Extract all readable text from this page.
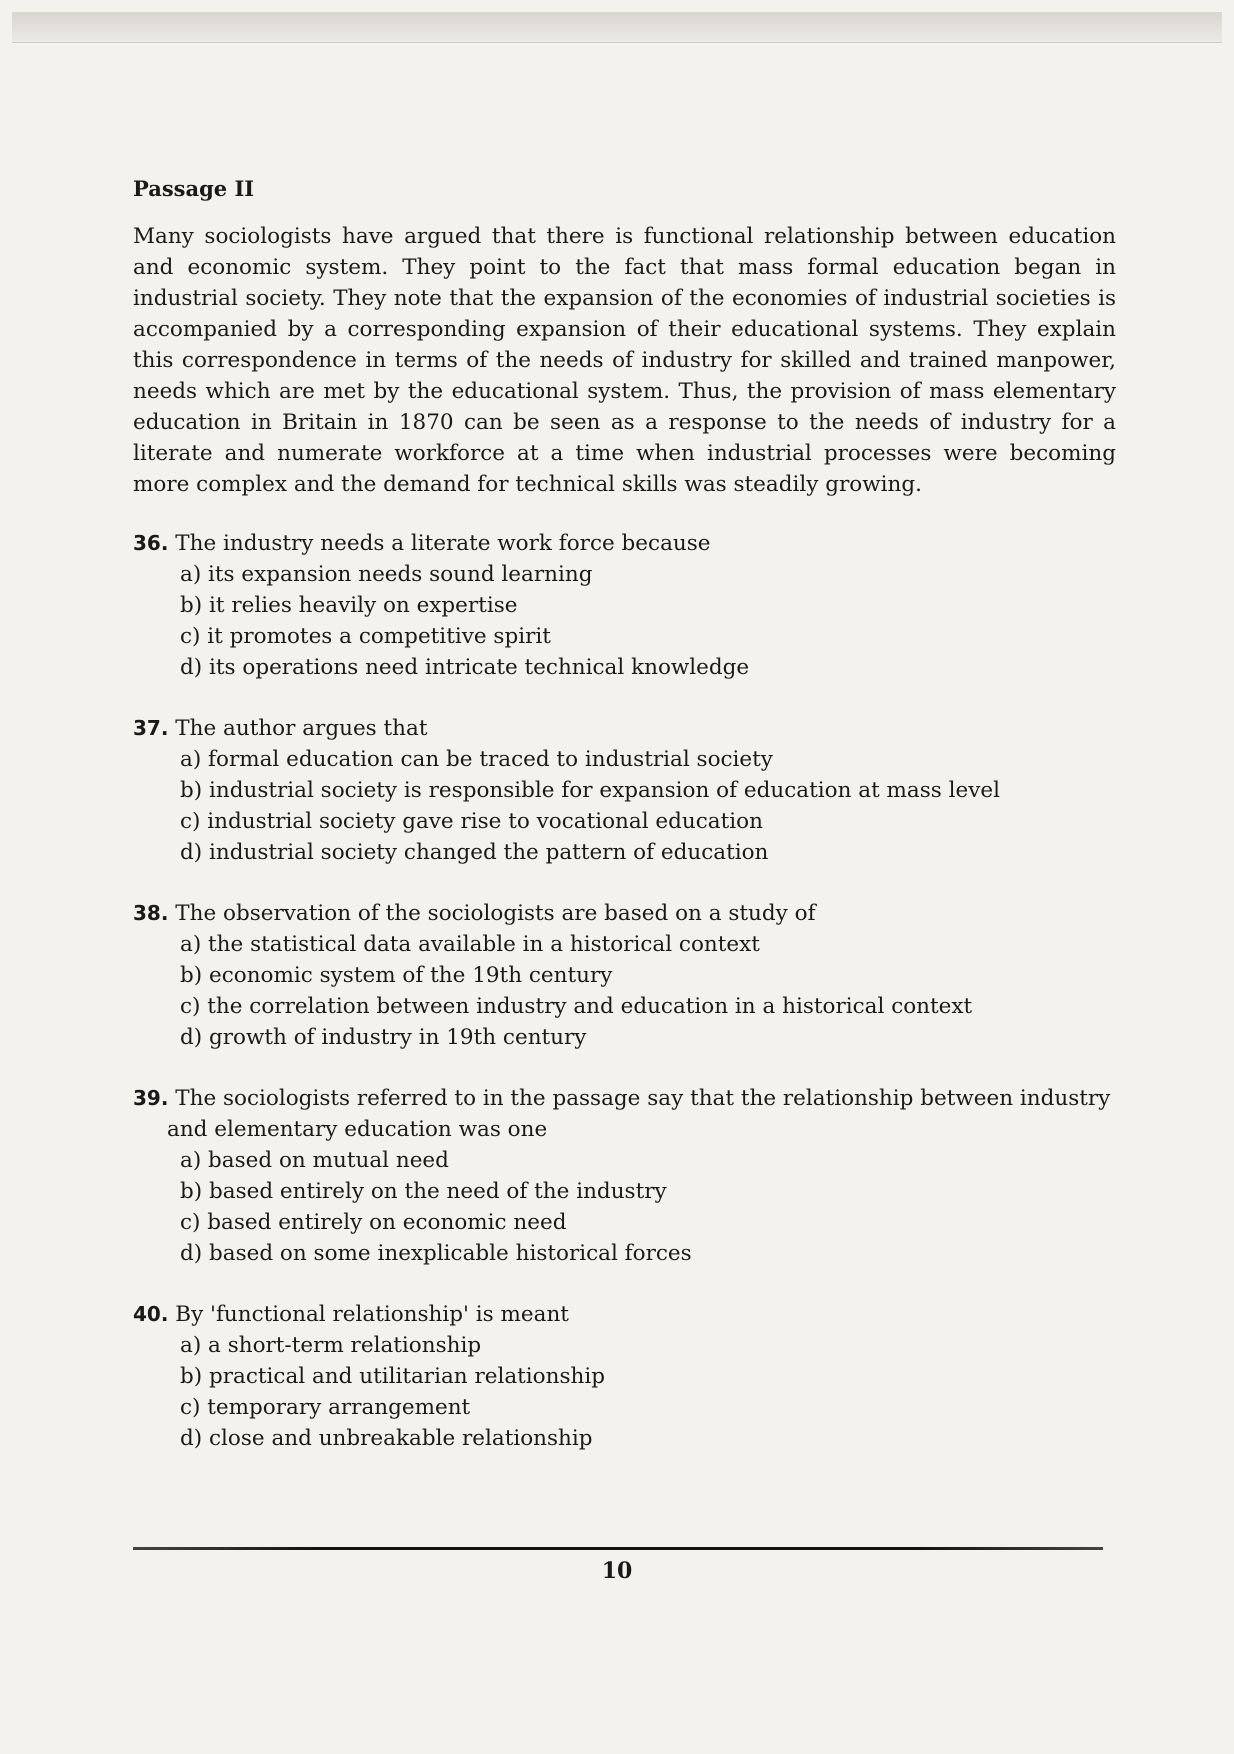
Passage II

Many sociologists have argued that there is functional relationship between education and economic system. They point to the fact that mass formal education began in industrial society. They note that the expansion of the economies of industrial societies is accompanied by a corresponding expansion of their educational systems. They explain this correspondence in terms of the needs of industry for skilled and trained manpower, needs which are met by the educational system. Thus, the provision of mass elementary education in Britain in 1870 can be seen as a response to the needs of industry for a literate and numerate workforce at a time when industrial processes were becoming more complex and the demand for technical skills was steadily growing.

36. The industry needs a literate work force because
a) its expansion needs sound learning
b) it relies heavily on expertise
c) it promotes a competitive spirit
d) its operations need intricate technical knowledge
37. The author argues that
a) formal education can be traced to industrial society
b) industrial society is responsible for expansion of education at mass level
c) industrial society gave rise to vocational education
d) industrial society changed the pattern of education
38. The observation of the sociologists are based on a study of
a) the statistical data available in a historical context
b) economic system of the 19th century
c) the correlation between industry and education in a historical context
d) growth of industry in 19th century
39. The sociologists referred to in the passage say that the relationship between industry and elementary education was one
a) based on mutual need
b) based entirely on the need of the industry
c) based entirely on economic need
d) based on some inexplicable historical forces
40. By 'functional relationship' is meant
a) a short-term relationship
b) practical and utilitarian relationship
c) temporary arrangement
d) close and unbreakable relationship
10
